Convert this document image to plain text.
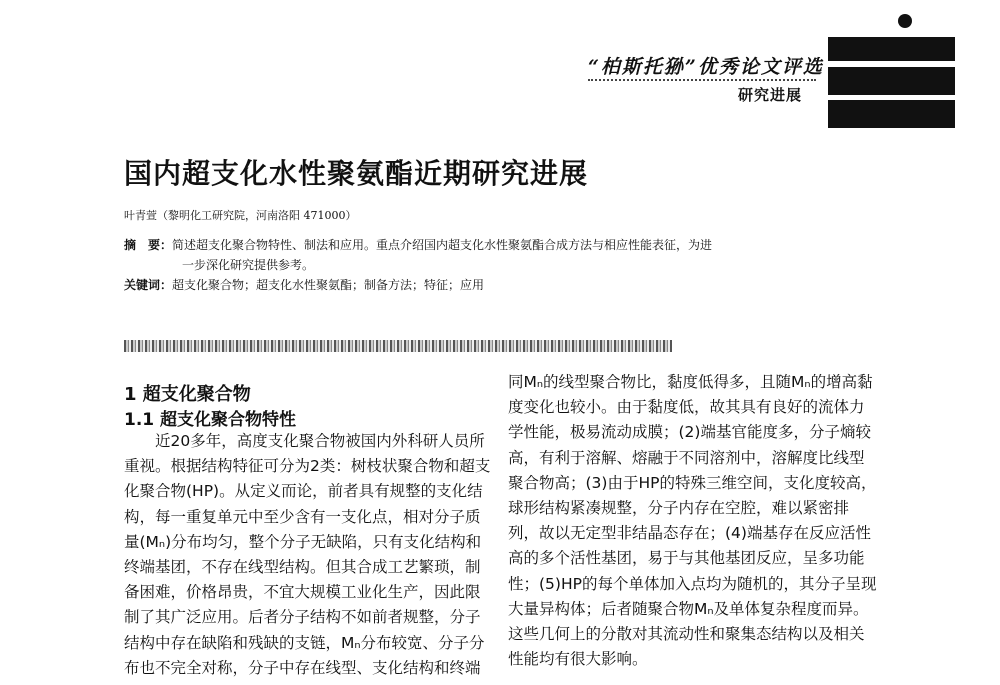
“柏斯托狲”优秀论文评选
研究进展
国内超支化水性聚氨酯近期研究进展
叶青萱（黎明化工研究院，河南洛阳 471000）
摘　要：简述超支化聚合物特性、制法和应用。重点介绍国内超支化水性聚氨酯合成方法与相应性能表征，为进
一步深化研究提供参考。
关键词：超支化聚合物；超支化水性聚氨酯；制备方法；特征；应用
1 超支化聚合物
1.1 超支化聚合物特性
　　近20多年，高度支化聚合物被国内外科研人员所
重视。根据结构特征可分为2类：树枝状聚合物和超支
化聚合物(HP)。从定义而论，前者具有规整的支化结
构，每一重复单元中至少含有一支化点，相对分子质
量(Mₙ)分布均匀，整个分子无缺陷，只有支化结构和
终端基团，不存在线型结构。但其合成工艺繁琐，制
备困难，价格昂贵，不宜大规模工业化生产，因此限
制了其广泛应用。后者分子结构不如前者规整，分子
结构中存在缺陷和残缺的支链，Mₙ分布较宽、分子分
布也不完全对称，分子中存在线型、支化结构和终端
同Mₙ的线型聚合物比，黏度低得多，且随Mₙ的增高黏
度变化也较小。由于黏度低，故其具有良好的流体力
学性能，极易流动成膜；(2)端基官能度多，分子熵较
高，有利于溶解、熔融于不同溶剂中，溶解度比线型
聚合物高；(3)由于HP的特殊三维空间，支化度较高，
球形结构紧凑规整，分子内存在空腔，难以紧密排
列，故以无定型非结晶态存在；(4)端基存在反应活性
高的多个活性基团，易于与其他基团反应，呈多功能
性；(5)HP的每个单体加入点均为随机的，其分子呈现
大量异构体；后者随聚合物Mₙ及单体复杂程度而异。
这些几何上的分散对其流动性和聚集态结构以及相关
性能均有很大影响。
